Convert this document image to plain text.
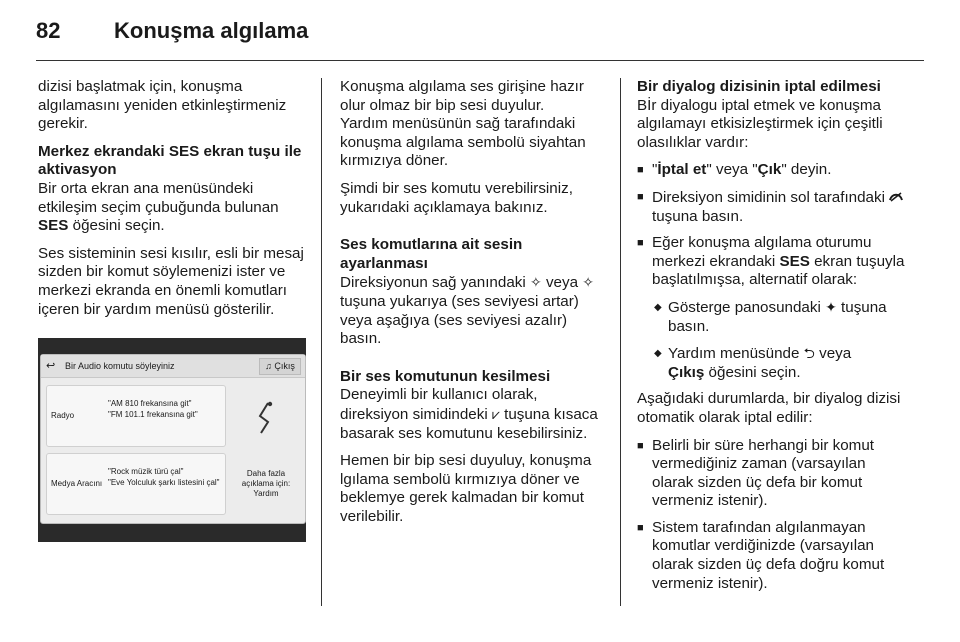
82	Konuşma algılama

dizisi başlatmak için, konuşma algılamasını yeniden etkinleştirmeniz gerekir.

Merkez ekrandaki SES ekran tuşu ile aktivasyon

Bir orta ekran ana menüsündeki etkileşim seçim çubuğunda bulunan SES öğesini seçin.

Ses sisteminin sesi kısılır, esli bir mesaj sizden bir komut söylemenizi ister ve merkezi ekranda en önemli komutları içeren bir yardım menüsü gösterilir.

↩ Bir Audio komutu söyleyiniz	♫ Çıkış
Radyo
"AM 810 frekansına git"
"FM 101.1 frekansına git"
Medya Aracını
"Rock müzik türü çal"
"Eve Yolculuk şarkı listesini çal"
Daha fazla
açıklama için:
Yardım

Konuşma algılama ses girişine hazır olur olmaz bir bip sesi duyulur.

Yardım menüsünün sağ tarafındaki konuşma algılama sembolü siyahtan kırmızıya döner.

Şimdi bir ses komutu verebilirsiniz, yukarıdaki açıklamaya bakınız.

Ses komutlarına ait sesin ayarlanması

Direksiyonun sağ yanındaki ✧ veya ✧ tuşuna yukarıya (ses seviyesi artar) veya aşağıya (ses seviyesi azalır) basın.

Bir ses komutunun kesilmesi

Deneyimli bir kullanıcı olarak, direksiyon simidindeki ⩗ tuşuna kısaca basarak ses komutunu kesebilirsiniz.

Hemen bir bip sesi duyuluy, konuşma lgılama sembolü kırmızıya döner ve beklemye gerek kalmadan bir komut verilebilir.

Bir diyalog dizisinin iptal edilmesi

Bİr diyalogu iptal etmek ve konuşma algılamayı etkisizleştirmek için çeşitli olasılıklar vardır:

■ "İptal et" veya "Çık" deyin.
■ Direksiyon simidinin sol tarafındaki  tuşuna basın.
■ Eğer konuşma algılama oturumu merkezi ekrandaki SES ekran tuşuyla başlatılmışsa, alternatif olarak:
◆ Gösterge panosundaki ✦ tuşuna basın.
◆ Yardım menüsünde ⮌ veya
Çıkış öğesini seçin.

Aşağıdaki durumlarda, bir diyalog dizisi otomatik olarak iptal edilir:

■ Belirli bir süre herhangi bir komut vermediğiniz zaman (varsayılan olarak sizden üç defa bir komut vermeniz istenir).
■ Sistem tarafından algılanmayan komutlar verdiğinizde (varsayılan olarak sizden üç defa doğru komut vermeniz istenir).
